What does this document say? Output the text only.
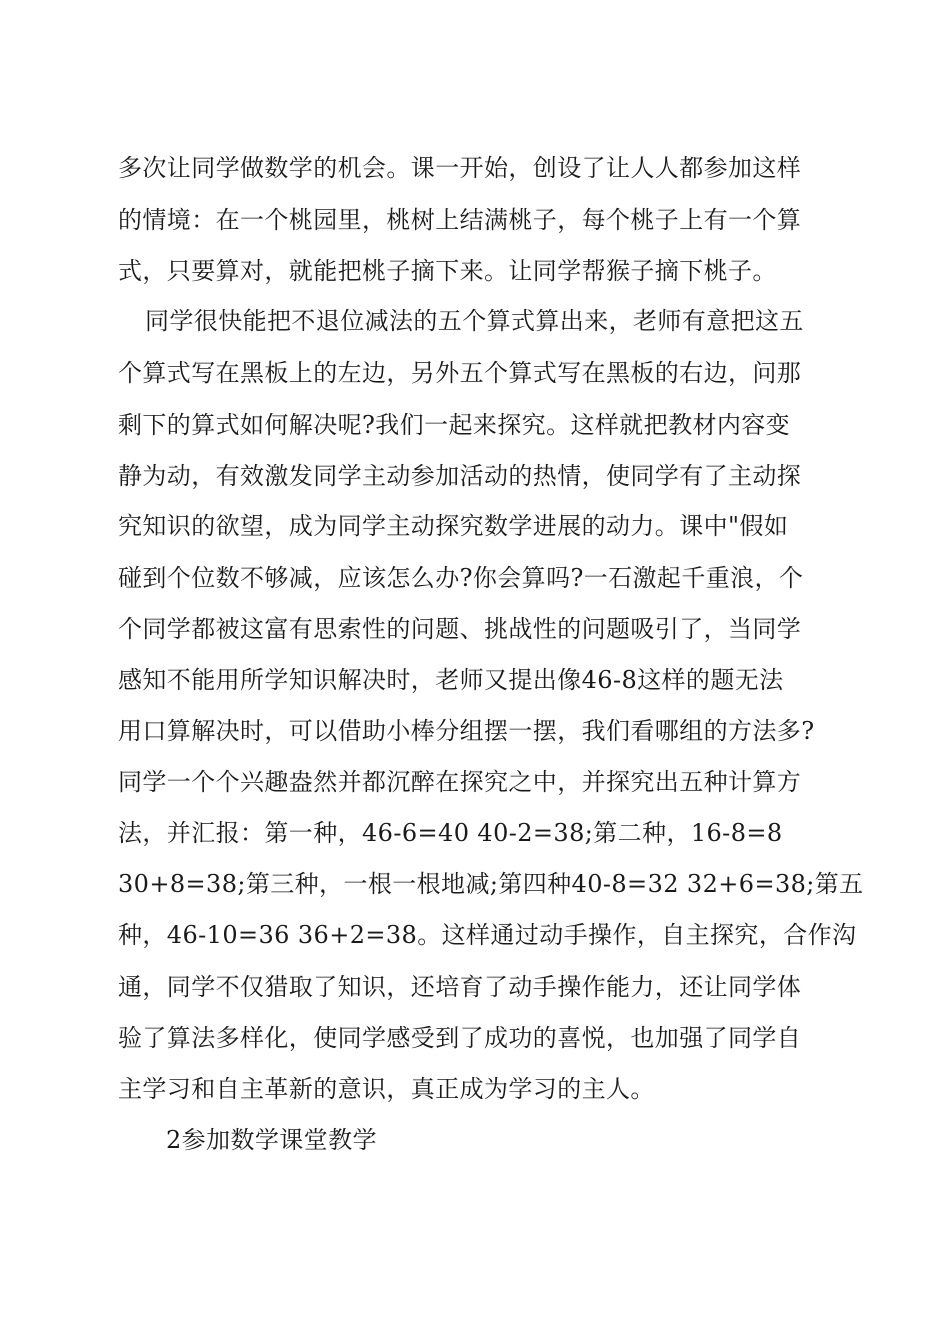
多次让同学做数学的机会。课一开始，创设了让人人都参加这样
的情境：在一个桃园里，桃树上结满桃子，每个桃子上有一个算
式，只要算对，就能把桃子摘下来。让同学帮猴子摘下桃子。
同学很快能把不退位减法的五个算式算出来，老师有意把这五
个算式写在黑板上的左边，另外五个算式写在黑板的右边，问那
剩下的算式如何解决呢?我们一起来探究。这样就把教材内容变
静为动，有效激发同学主动参加活动的热情，使同学有了主动探
究知识的欲望，成为同学主动探究数学进展的动力。课中"假如
碰到个位数不够减，应该怎么办?你会算吗?一石激起千重浪，个
个同学都被这富有思索性的问题、挑战性的问题吸引了，当同学
感知不能用所学知识解决时，老师又提出像46-8这样的题无法
用口算解决时，可以借助小棒分组摆一摆，我们看哪组的方法多?
同学一个个兴趣盎然并都沉醉在探究之中，并探究出五种计算方
法，并汇报：第一种，46-6=40 40-2=38;第二种，16-8=8
30+8=38;第三种，一根一根地减;第四种40-8=32 32+6=38;第五
种，46-10=36 36+2=38。这样通过动手操作，自主探究，合作沟
通，同学不仅猎取了知识，还培育了动手操作能力，还让同学体
验了算法多样化，使同学感受到了成功的喜悦，也加强了同学自
主学习和自主革新的意识，真正成为学习的主人。
2参加数学课堂教学
